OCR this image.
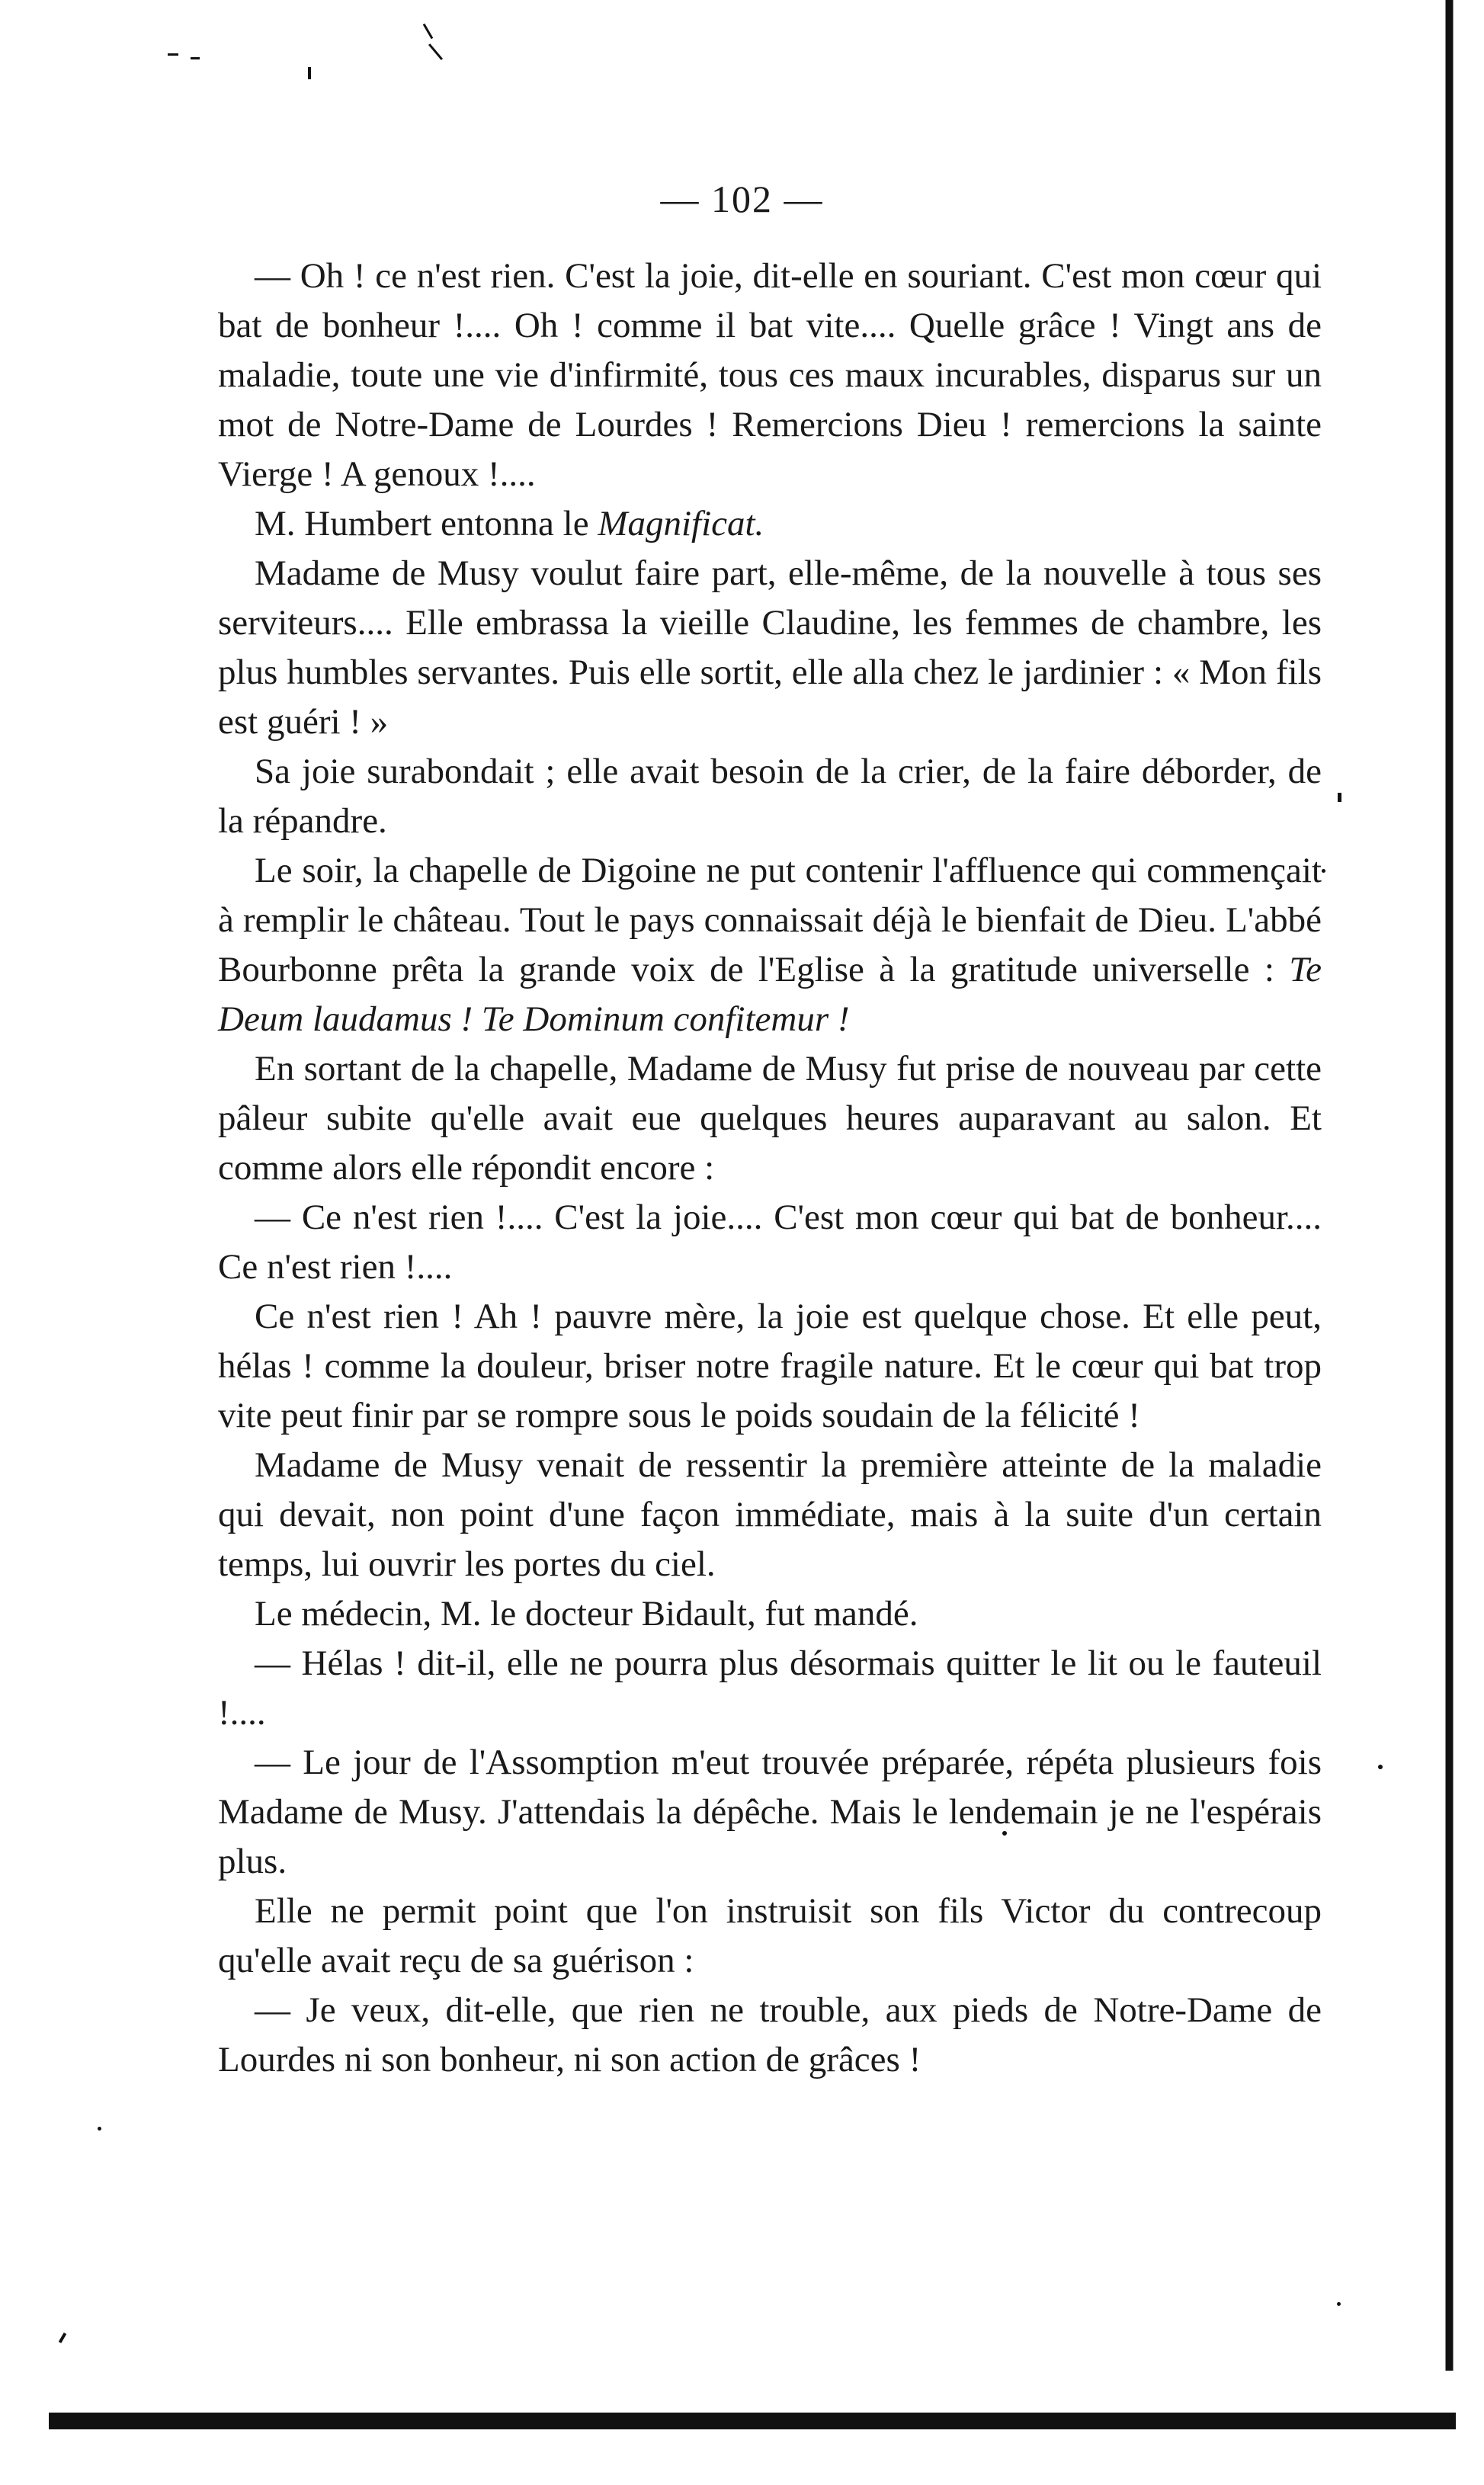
— 102 —

— Oh ! ce n'est rien. C'est la joie, dit-elle en souriant. C'est mon cœur qui bat de bonheur !.... Oh ! comme il bat vite.... Quelle grâce ! Vingt ans de maladie, toute une vie d'infirmité, tous ces maux incurables, disparus sur un mot de Notre-Dame de Lourdes ! Remercions Dieu ! remercions la sainte Vierge ! A genoux !....

M. Humbert entonna le Magnificat.

Madame de Musy voulut faire part, elle-même, de la nouvelle à tous ses serviteurs.... Elle embrassa la vieille Claudine, les femmes de chambre, les plus humbles servantes. Puis elle sortit, elle alla chez le jardinier : « Mon fils est guéri ! »

Sa joie surabondait ; elle avait besoin de la crier, de la faire déborder, de la répandre.

Le soir, la chapelle de Digoine ne put contenir l'affluence qui commençait à remplir le château. Tout le pays connaissait déjà le bienfait de Dieu. L'abbé Bourbonne prêta la grande voix de l'Eglise à la gratitude universelle : Te Deum laudamus ! Te Dominum confitemur !

En sortant de la chapelle, Madame de Musy fut prise de nouveau par cette pâleur subite qu'elle avait eue quelques heures auparavant au salon. Et comme alors elle répondit encore :

— Ce n'est rien !.... C'est la joie.... C'est mon cœur qui bat de bonheur.... Ce n'est rien !....

Ce n'est rien ! Ah ! pauvre mère, la joie est quelque chose. Et elle peut, hélas ! comme la douleur, briser notre fragile nature. Et le cœur qui bat trop vite peut finir par se rompre sous le poids soudain de la félicité !

Madame de Musy venait de ressentir la première atteinte de la maladie qui devait, non point d'une façon immédiate, mais à la suite d'un certain temps, lui ouvrir les portes du ciel.

Le médecin, M. le docteur Bidault, fut mandé.

— Hélas ! dit-il, elle ne pourra plus désormais quitter le lit ou le fauteuil !....

— Le jour de l'Assomption m'eut trouvée préparée, répéta plusieurs fois Madame de Musy. J'attendais la dépêche. Mais le lendemain je ne l'espérais plus.

Elle ne permit point que l'on instruisit son fils Victor du contrecoup qu'elle avait reçu de sa guérison :

— Je veux, dit-elle, que rien ne trouble, aux pieds de Notre-Dame de Lourdes ni son bonheur, ni son action de grâces !
